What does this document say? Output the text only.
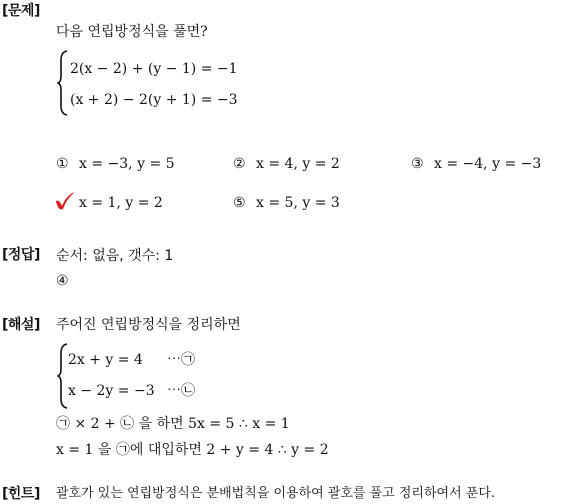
[문제]
다음 연립방정식을 풀면?
2(x − 2) + (y − 1) = −1
(x + 2) − 2(y + 1) = −3
① x = −3, y = 5	② x = 4, y = 2	③ x = −4, y = −3
x = 1, y = 2	⑤ x = 5, y = 3
[정답] 순서: 없음, 갯수: 1
④
[해설] 주어진 연립방정식을 정리하면
2x + y = 4 ⋯㉠
x − 2y = −3 ⋯㉡
㉠ × 2 + ㉡ 을 하면 5x = 5 ∴ x = 1
x = 1 을 ㉠에 대입하면 2 + y = 4 ∴ y = 2
[힌트] 괄호가 있는 연립방정식은 분배법칙을 이용하여 괄호를 풀고 정리하여서 푼다.
